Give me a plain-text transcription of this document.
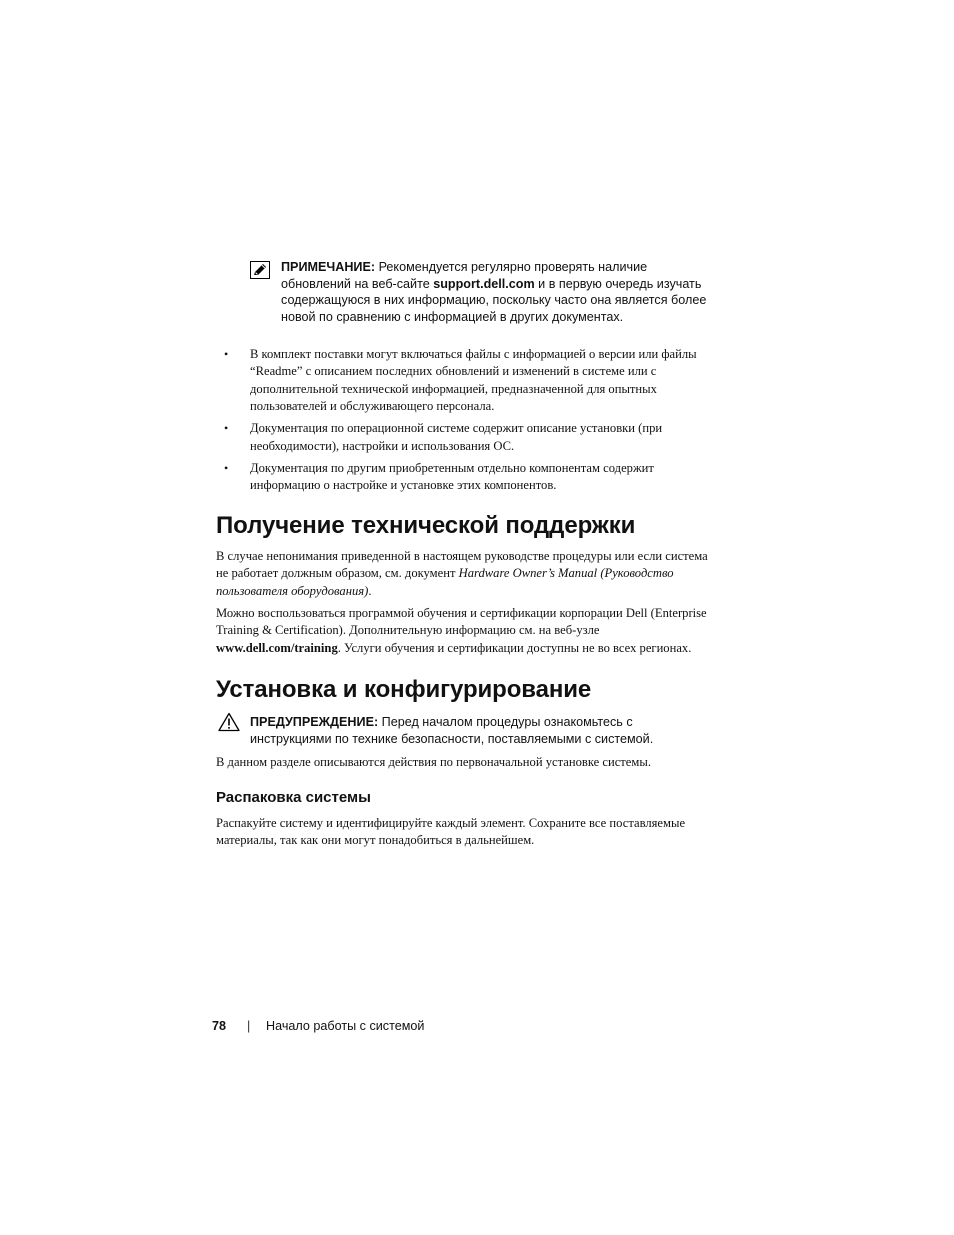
ПРИМЕЧАНИЕ: Рекомендуется регулярно проверять наличие обновлений на веб-сайте support.dell.com и в первую очередь изучать содержащуюся в них информацию, поскольку часто она является более новой по сравнению с информацией в других документах.
• В комплект поставки могут включаться файлы с информацией о версии или файлы “Readme” с описанием последних обновлений и изменений в системе или с дополнительной технической информацией, предназначенной для опытных пользователей и обслуживающего персонала.
• Документация по операционной системе содержит описание установки (при необходимости), настройки и использования ОС.
• Документация по другим приобретенным отдельно компонентам содержит информацию о настройке и установке этих компонентов.
Получение технической поддержки

В случае непонимания приведенной в настоящем руководстве процедуры или если система не работает должным образом, см. документ Hardware Owner’s Manual (Руководство пользователя оборудования).

Можно воспользоваться программой обучения и сертификации корпорации Dell (Enterprise Training & Certification). Дополнительную информацию см. на веб-узле www.dell.com/training. Услуги обучения и сертификации доступны не во всех регионах.

Установка и конфигурирование
ПРЕДУПРЕЖДЕНИЕ: Перед началом процедуры ознакомьтесь с инструкциями по технике безопасности, поставляемыми с системой.

В данном разделе описываются действия по первоначальной установке системы.

Распаковка системы

Распакуйте систему и идентифицируйте каждый элемент. Сохраните все поставляемые материалы, так как они могут понадобиться в дальнейшем.

78 | Начало работы с системой
